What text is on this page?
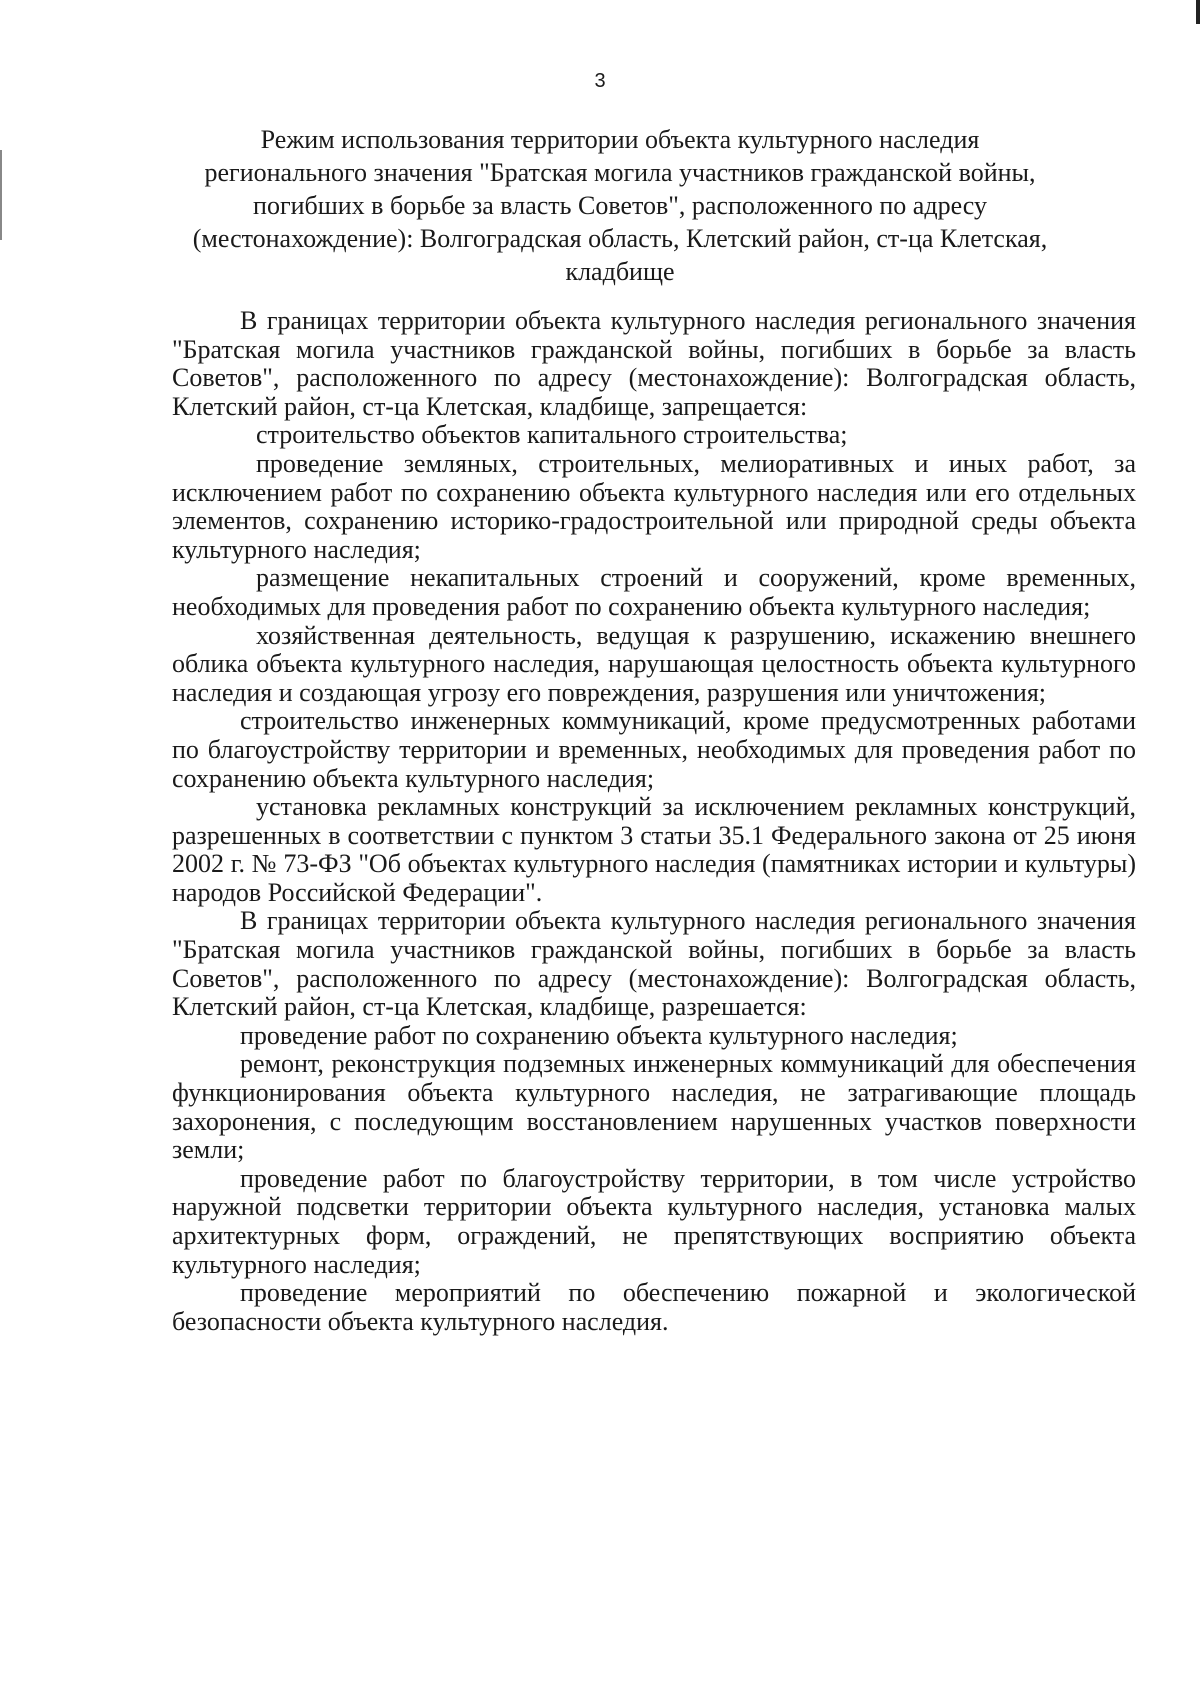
3
Режим использования территории объекта культурного наследия
регионального значения "Братская могила участников гражданской войны,
погибших в борьбе за власть Советов", расположенного по адресу
(местонахождение): Волгоградская область, Клетский район, ст-ца Клетская,
кладбище

В границах территории объекта культурного наследия регионального значения "Братская могила участников гражданской войны, погибших в борьбе за власть Советов", расположенного по адресу (местонахождение): Волгоградская область, Клетский район, ст-ца Клетская, кладбище, запрещается:

строительство объектов капитального строительства;

проведение земляных, строительных, мелиоративных и иных работ, за исключением работ по сохранению объекта культурного наследия или его отдельных элементов, сохранению историко-градостроительной или природной среды объекта культурного наследия;

размещение некапитальных строений и сооружений, кроме временных, необходимых для проведения работ по сохранению объекта культурного наследия;

хозяйственная деятельность, ведущая к разрушению, искажению внешнего облика объекта культурного наследия, нарушающая целостность объекта культурного наследия и создающая угрозу его повреждения, разрушения или уничтожения;

строительство инженерных коммуникаций, кроме предусмотренных работами по благоустройству территории и временных, необходимых для проведения работ по сохранению объекта культурного наследия;

установка рекламных конструкций за исключением рекламных конструкций, разрешенных в соответствии с пунктом 3 статьи 35.1 Федерального закона от 25 июня 2002 г. № 73-ФЗ "Об объектах культурного наследия (памятниках истории и культуры) народов Российской Федерации".

В границах территории объекта культурного наследия регионального значения "Братская могила участников гражданской войны, погибших в борьбе за власть Советов", расположенного по адресу (местонахождение): Волгоградская область, Клетский район, ст-ца Клетская, кладбище, разрешается:

проведение работ по сохранению объекта культурного наследия;

ремонт, реконструкция подземных инженерных коммуникаций для обеспечения функционирования объекта культурного наследия, не затрагивающие площадь захоронения, с последующим восстановлением нарушенных участков поверхности земли;

проведение работ по благоустройству территории, в том числе устройство наружной подсветки территории объекта культурного наследия, установка малых архитектурных форм, ограждений, не препятствующих восприятию объекта культурного наследия;

проведение мероприятий по обеспечению пожарной и экологической безопасности объекта культурного наследия.
